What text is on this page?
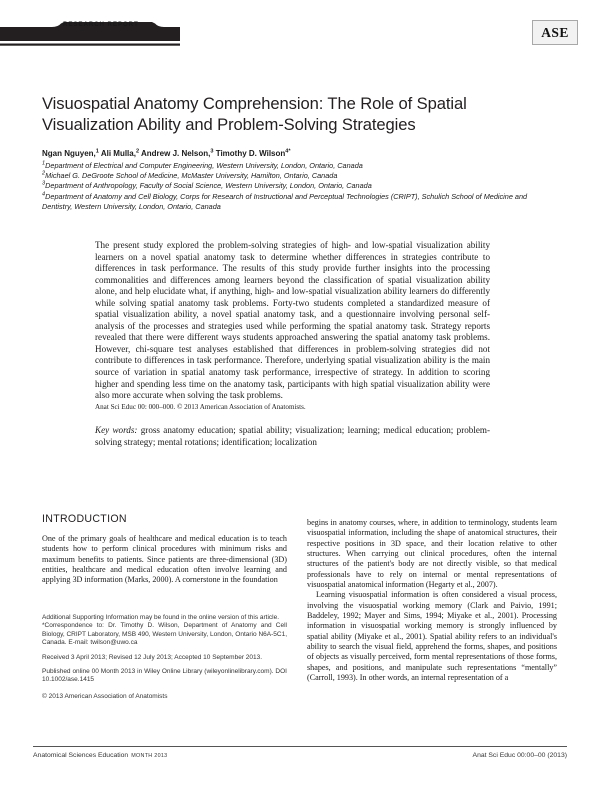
RESEARCH REPORT	ASE
Visuospatial Anatomy Comprehension: The Role of Spatial Visualization Ability and Problem-Solving Strategies
Ngan Nguyen,$^1$ Ali Mulla,$^2$ Andrew J. Nelson,$^3$ Timothy D. Wilson$^{4*}$
$^1$Department of Electrical and Computer Engineering, Western University, London, Ontario, Canada
$^2$Michael G. DeGroote School of Medicine, McMaster University, Hamilton, Ontario, Canada
$^3$Department of Anthropology, Faculty of Social Science, Western University, London, Ontario, Canada
$^4$Department of Anatomy and Cell Biology, Corps for Research of Instructional and Perceptual Technologies (CRIPT), Schulich School of Medicine and Dentistry, Western University, London, Ontario, Canada
The present study explored the problem-solving strategies of high- and low-spatial visualization ability learners on a novel spatial anatomy task to determine whether differences in strategies contribute to differences in task performance. The results of this study provide further insights into the processing commonalities and differences among learners beyond the classification of spatial visualization ability alone, and help elucidate what, if anything, high- and low-spatial visualization ability learners do differently while solving spatial anatomy task problems. Forty-two students completed a standardized measure of spatial visualization ability, a novel spatial anatomy task, and a questionnaire involving personal self-analysis of the processes and strategies used while performing the spatial anatomy task. Strategy reports revealed that there were different ways students approached answering the spatial anatomy task problems. However, chi-square test analyses established that differences in problem-solving strategies did not contribute to differences in task performance. Therefore, underlying spatial visualization ability is the main source of variation in spatial anatomy task performance, irrespective of strategy. In addition to scoring higher and spending less time on the anatomy task, participants with high spatial visualization ability were also more accurate when solving the task problems.
Anat Sci Educ 00: 000–000. © 2013 American Association of Anatomists.
Key words: gross anatomy education; spatial ability; visualization; learning; medical education; problem-solving strategy; mental rotations; identification; localization
INTRODUCTION
One of the primary goals of healthcare and medical education is to teach students how to perform clinical procedures with minimum risks and maximum benefits to patients. Since patients are three-dimensional (3D) entities, healthcare and medical education often involve learning and applying 3D information (Marks, 2000). A cornerstone in the foundation
Additional Supporting Information may be found in the online version of this article.
*Correspondence to: Dr. Timothy D. Wilson, Department of Anatomy and Cell Biology, CRIPT Laboratory, MSB 490, Western University, London, Ontario N6A-5C1, Canada. E-mail: twilson@uwo.ca
Received 3 April 2013; Revised 12 July 2013; Accepted 10 September 2013.
Published online 00 Month 2013 in Wiley Online Library (wileyonlinelibrary.com). DOI 10.1002/ase.1415
© 2013 American Association of Anatomists
begins in anatomy courses, where, in addition to terminology, students learn visuospatial information, including the shape of anatomical structures, their respective positions in 3D space, and their location relative to other structures. When carrying out clinical procedures, often the internal structures of the patient's body are not directly visible, so that medical professionals have to rely on internal or mental representations of visuospatial anatomical information (Hegarty et al., 2007).
Learning visuospatial information is often considered a visual process, involving the visuospatial working memory (Clark and Paivio, 1991; Baddeley, 1992; Mayer and Sims, 1994; Miyake et al., 2001). Processing information in visuospatial working memory is strongly influenced by spatial ability (Miyake et al., 2001). Spatial ability refers to an individual's ability to search the visual field, apprehend the forms, shapes, and positions of objects as visually perceived, form mental representations of those forms, shapes, and positions, and manipulate such representations “mentally” (Carroll, 1993). In other words, an internal representation of a
Anatomical Sciences Education MONTH 2013	Anat Sci Educ 00:00–00 (2013)
